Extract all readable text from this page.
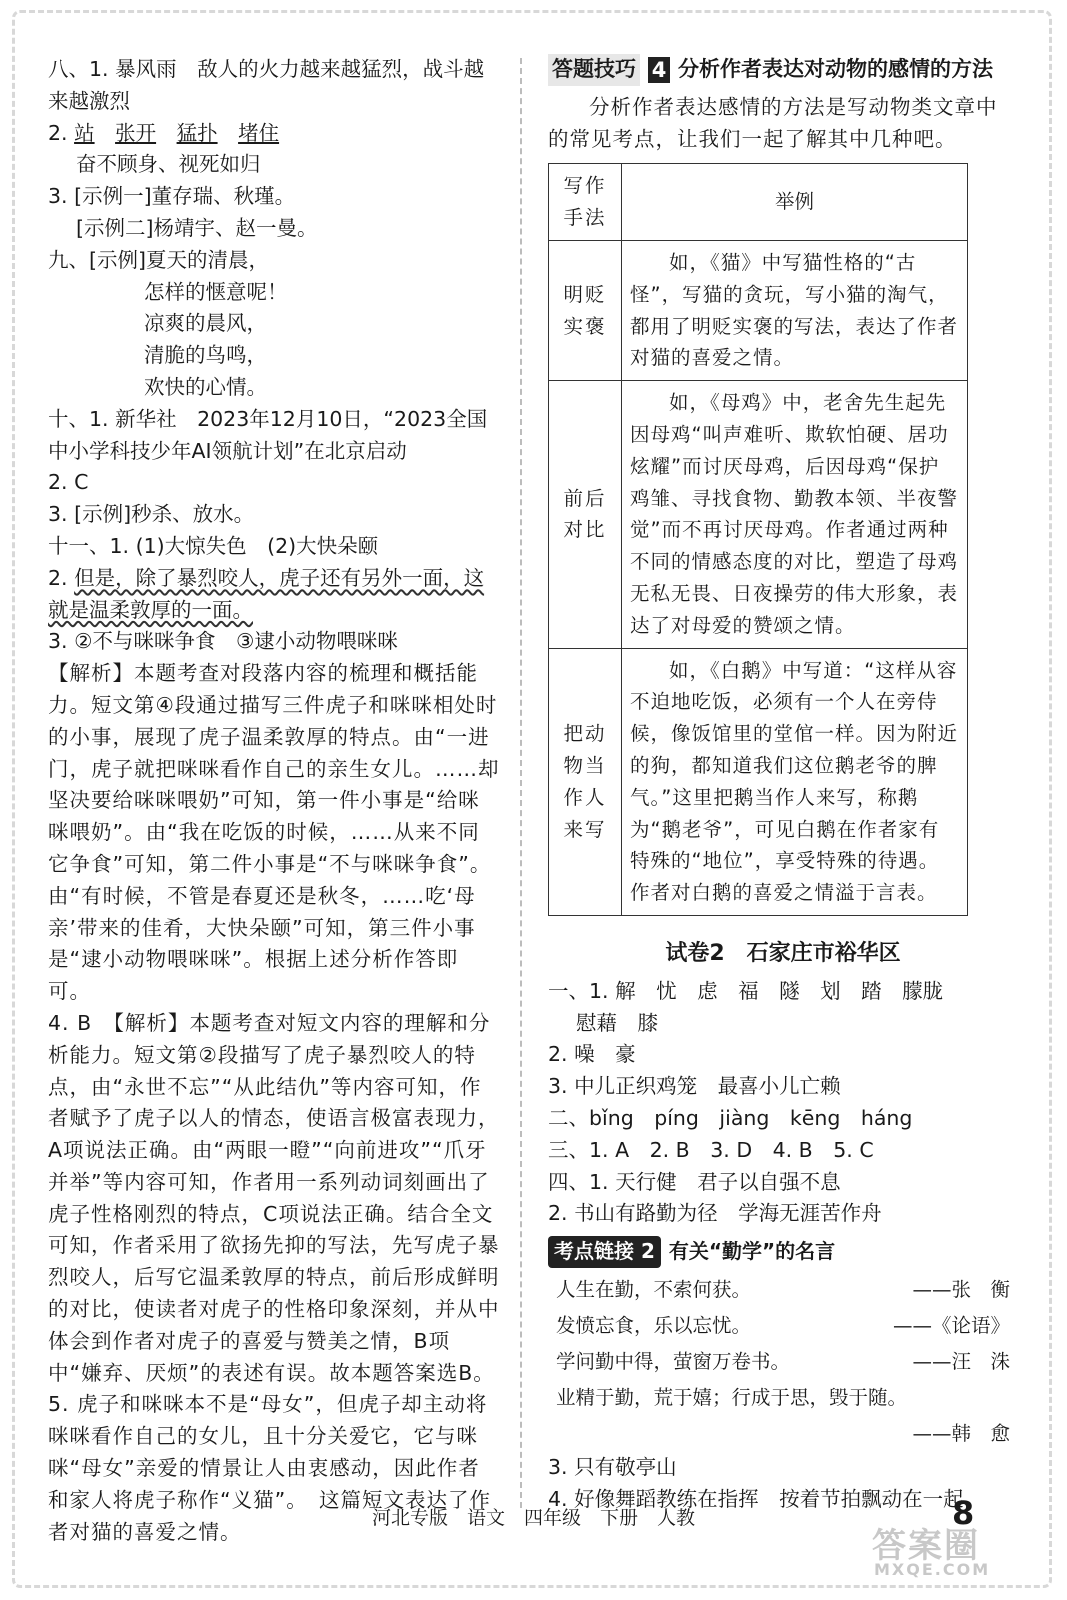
八、1. 暴风雨　敌人的火力越来越猛烈，战斗越来越激烈

2. 站　 张开　 猛扑　 堵住

奋不顾身、视死如归

3. [示例一]董存瑞、秋瑾。

[示例二]杨靖宇、赵一曼。

九、[示例]夏天的清晨，

怎样的惬意呢！

凉爽的晨风，

清脆的鸟鸣，

欢快的心情。

十、1. 新华社　2023年12月10日，“2023全国中小学科技少年AI领航计划”在北京启动

2. C

3. [示例]秒杀、放水。

十一、1. (1)大惊失色　(2)大快朵颐

2. 但是，除了暴烈咬人，虎子还有另外一面，这就是温柔敦厚的一面。

3. ②不与咪咪争食　③逮小动物喂咪咪

【解析】本题考查对段落内容的梳理和概括能力。短文第④段通过描写三件虎子和咪咪相处时的小事，展现了虎子温柔敦厚的特点。由“一进门，虎子就把咪咪看作自己的亲生女儿。……却坚决要给咪咪喂奶”可知，第一件小事是“给咪咪喂奶”。由“我在吃饭的时候，……从来不同它争食”可知，第二件小事是“不与咪咪争食”。由“有时候，不管是春夏还是秋冬，……吃‘母亲’带来的佳肴，大快朵颐”可知，第三件小事是“逮小动物喂咪咪”。根据上述分析作答即可。

4. B　【解析】本题考查对短文内容的理解和分析能力。短文第②段描写了虎子暴烈咬人的特点，由“永世不忘”“从此结仇”等内容可知，作者赋予了虎子以人的情态，使语言极富表现力，A项说法正确。由“两眼一瞪”“向前进攻”“爪牙并举”等内容可知，作者用一系列动词刻画出了虎子性格刚烈的特点，C项说法正确。结合全文可知，作者采用了欲扬先抑的写法，先写虎子暴烈咬人，后写它温柔敦厚的特点，前后形成鲜明的对比，使读者对虎子的性格印象深刻，并从中体会到作者对虎子的喜爱与赞美之情，B项中“嫌弃、厌烦”的表述有误。故本题答案选B。

5. 虎子和咪咪本不是“母女”，但虎子却主动将咪咪看作自己的女儿，且十分关爱它，它与咪咪“母女”亲爱的情景让人由衷感动，因此作者和家人将虎子称作“义猫”。　这篇短文表达了作者对猫的喜爱之情。

答题技巧 4 分析作者表达对动物的感情的方法

分析作者表达感情的方法是写动物类文章中的常见考点，让我们一起了解其中几种吧。

写作手法	举例
明贬实褒	如，《猫》中写猫性格的“古怪”，写猫的贪玩，写小猫的淘气，都用了明贬实褒的写法，表达了作者对猫的喜爱之情。
前后对比	如，《母鸡》中，老舍先生起先因母鸡“叫声难听、欺软怕硬、居功炫耀”而讨厌母鸡，后因母鸡“保护鸡雏、寻找食物、勤教本领、半夜警觉”而不再讨厌母鸡。作者通过两种不同的情感态度的对比，塑造了母鸡无私无畏、日夜操劳的伟大形象，表达了对母爱的赞颂之情。
把动物当作人来写	如，《白鹅》中写道：“这样从容不迫地吃饭，必须有一个人在旁侍候，像饭馆里的堂倌一样。因为附近的狗，都知道我们这位鹅老爷的脾气。”这里把鹅当作人来写，称鹅为“鹅老爷”，可见白鹅在作者家有特殊的“地位”，享受特殊的待遇。作者对白鹅的喜爱之情溢于言表。
试卷2　石家庄市裕华区

一、1. 解　忧　虑　福　隧　划　踏　朦胧

慰藉　膝

2. 噪　豪

3. 中儿正织鸡笼　最喜小儿亡赖

二、bǐng　píng　jiàng　kēng　háng

三、1. A　2. B　3. D　4. B　5. C

四、1. 天行健　君子以自强不息

2. 书山有路勤为径　学海无涯苦作舟

考点链接 2 有关“勤学”的名言
人生在勤，不索何获。	——张　衡
发愤忘食，乐以忘忧。	——《论语》
学问勤中得，萤窗万卷书。	——汪　洙
业精于勤，荒于嬉；行成于思，毁于随。
——韩　愈

3. 只有敬亭山

4. 好像舞蹈教练在指挥　按着节拍飘动在一起

河北专版　语文　四年级　下册　人教	8
答案圈
MXQE.COM
